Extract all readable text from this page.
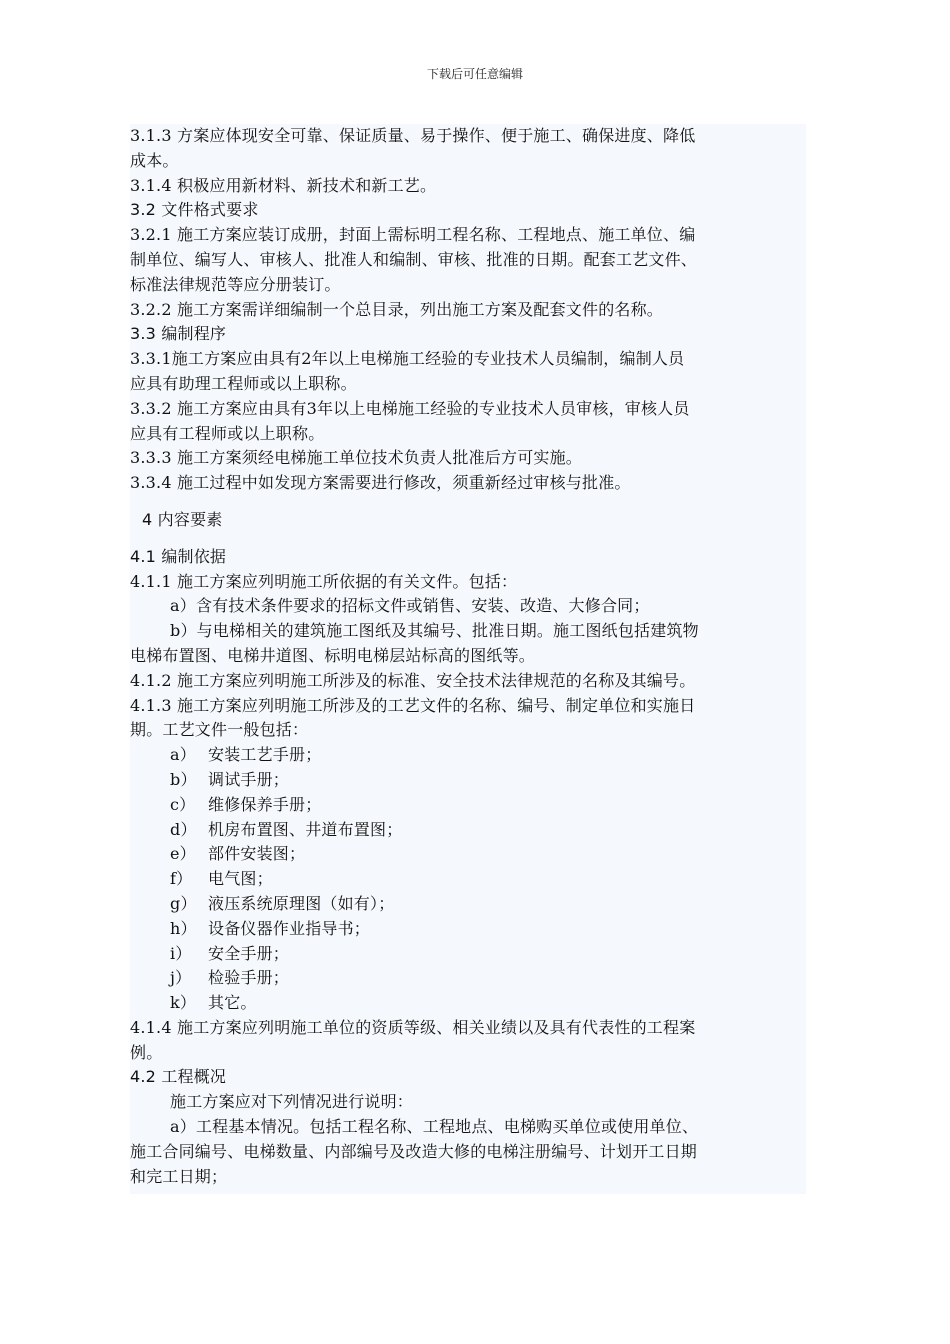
下载后可任意编辑
3.1.3 方案应体现安全可靠、保证质量、易于操作、便于施工、确保进度、降低
成本。
3.1.4 积极应用新材料、新技术和新工艺。
3.2 文件格式要求
3.2.1 施工方案应装订成册，封面上需标明工程名称、工程地点、施工单位、编
制单位、编写人、审核人、批准人和编制、审核、批准的日期。配套工艺文件、
标准法律规范等应分册装订。
3.2.2 施工方案需详细编制一个总目录，列出施工方案及配套文件的名称。
3.3 编制程序
3.3.1施工方案应由具有2年以上电梯施工经验的专业技术人员编制，编制人员
应具有助理工程师或以上职称。
3.3.2 施工方案应由具有3年以上电梯施工经验的专业技术人员审核，审核人员
应具有工程师或以上职称。
3.3.3 施工方案须经电梯施工单位技术负责人批准后方可实施。
3.3.4 施工过程中如发现方案需要进行修改，须重新经过审核与批准。
4 内容要素
4.1 编制依据
4.1.1 施工方案应列明施工所依据的有关文件。包括：
a）含有技术条件要求的招标文件或销售、安装、改造、大修合同；
b）与电梯相关的建筑施工图纸及其编号、批准日期。施工图纸包括建筑物
电梯布置图、电梯井道图、标明电梯层站标高的图纸等。
4.1.2 施工方案应列明施工所涉及的标准、安全技术法律规范的名称及其编号。
4.1.3 施工方案应列明施工所涉及的工艺文件的名称、编号、制定单位和实施日
期。工艺文件一般包括：
a） 安装工艺手册；
b） 调试手册；
c） 维修保养手册；
d） 机房布置图、井道布置图；
e） 部件安装图；
f） 电气图；
g） 液压系统原理图（如有）；
h） 设备仪器作业指导书；
i） 安全手册；
j） 检验手册；
k） 其它。
4.1.4 施工方案应列明施工单位的资质等级、相关业绩以及具有代表性的工程案
例。
4.2 工程概况
施工方案应对下列情况进行说明：
a）工程基本情况。包括工程名称、工程地点、电梯购买单位或使用单位、
施工合同编号、电梯数量、内部编号及改造大修的电梯注册编号、计划开工日期
和完工日期；
